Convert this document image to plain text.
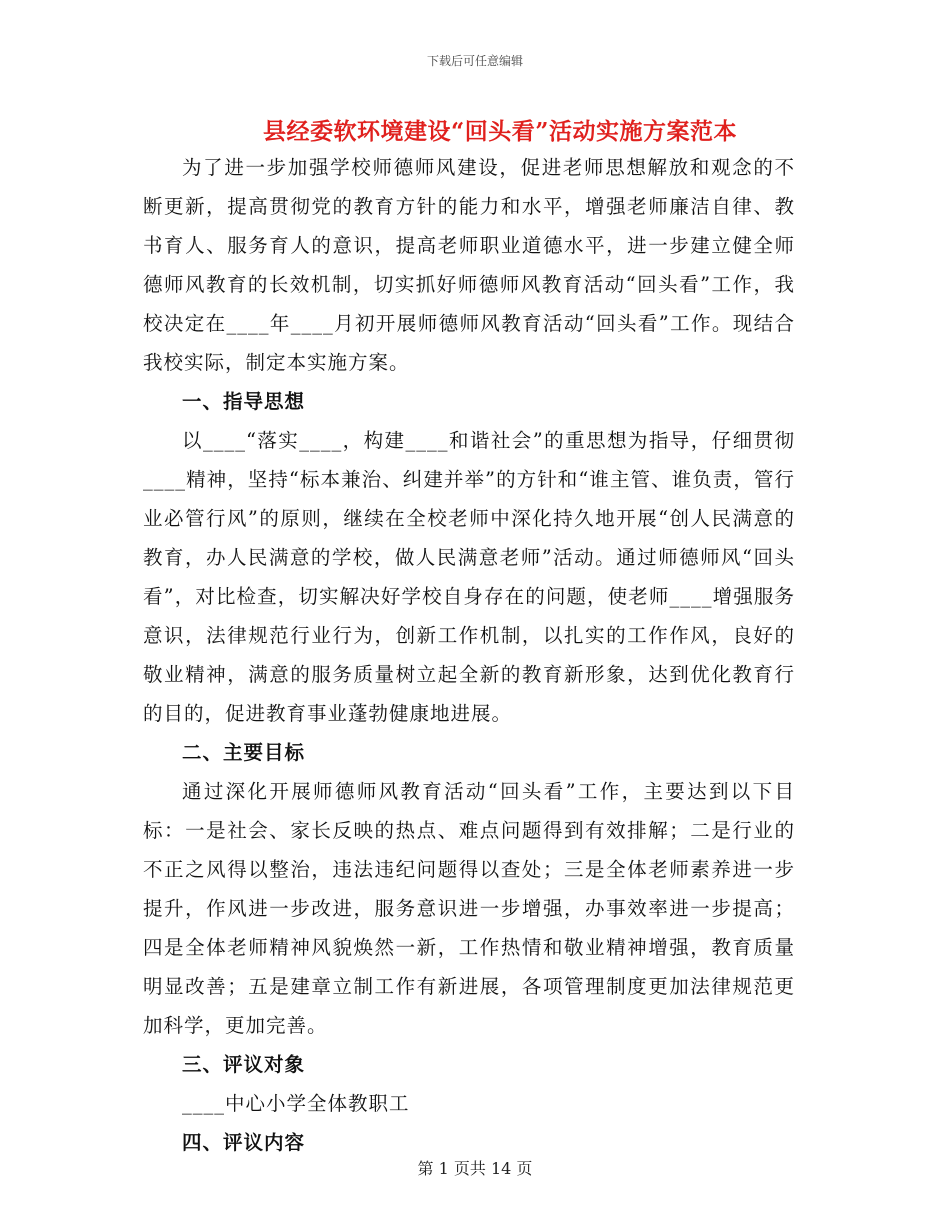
下载后可任意编辑
县经委软环境建设“回头看”活动实施方案范本

为了进一步加强学校师德师风建设，促进老师思想解放和观念的不断更新，提高贯彻党的教育方针的能力和水平，增强老师廉洁自律、教书育人、服务育人的意识，提高老师职业道德水平，进一步建立健全师德师风教育的长效机制，切实抓好师德师风教育活动“回头看”工作，我校决定在____年____月初开展师德师风教育活动“回头看”工作。现结合我校实际，制定本实施方案。

一、指导思想

以____“落实____，构建____和谐社会”的重思想为指导，仔细贯彻____精神，坚持“标本兼治、纠建并举”的方针和“谁主管、谁负责，管行业必管行风”的原则，继续在全校老师中深化持久地开展“创人民满意的教育，办人民满意的学校，做人民满意老师”活动。通过师德师风“回头看”，对比检查，切实解决好学校自身存在的问题，使老师____增强服务意识，法律规范行业行为，创新工作机制，以扎实的工作作风，良好的敬业精神，满意的服务质量树立起全新的教育新形象，达到优化教育行的目的，促进教育事业蓬勃健康地进展。

二、主要目标

通过深化开展师德师风教育活动“回头看”工作，主要达到以下目标：一是社会、家长反映的热点、难点问题得到有效排解；二是行业的不正之风得以整治，违法违纪问题得以查处；三是全体老师素养进一步提升，作风进一步改进，服务意识进一步增强，办事效率进一步提高；四是全体老师精神风貌焕然一新，工作热情和敬业精神增强，教育质量明显改善；五是建章立制工作有新进展，各项管理制度更加法律规范更加科学，更加完善。

三、评议对象

____中心小学全体教职工

四、评议内容

第 1 页共 14 页
